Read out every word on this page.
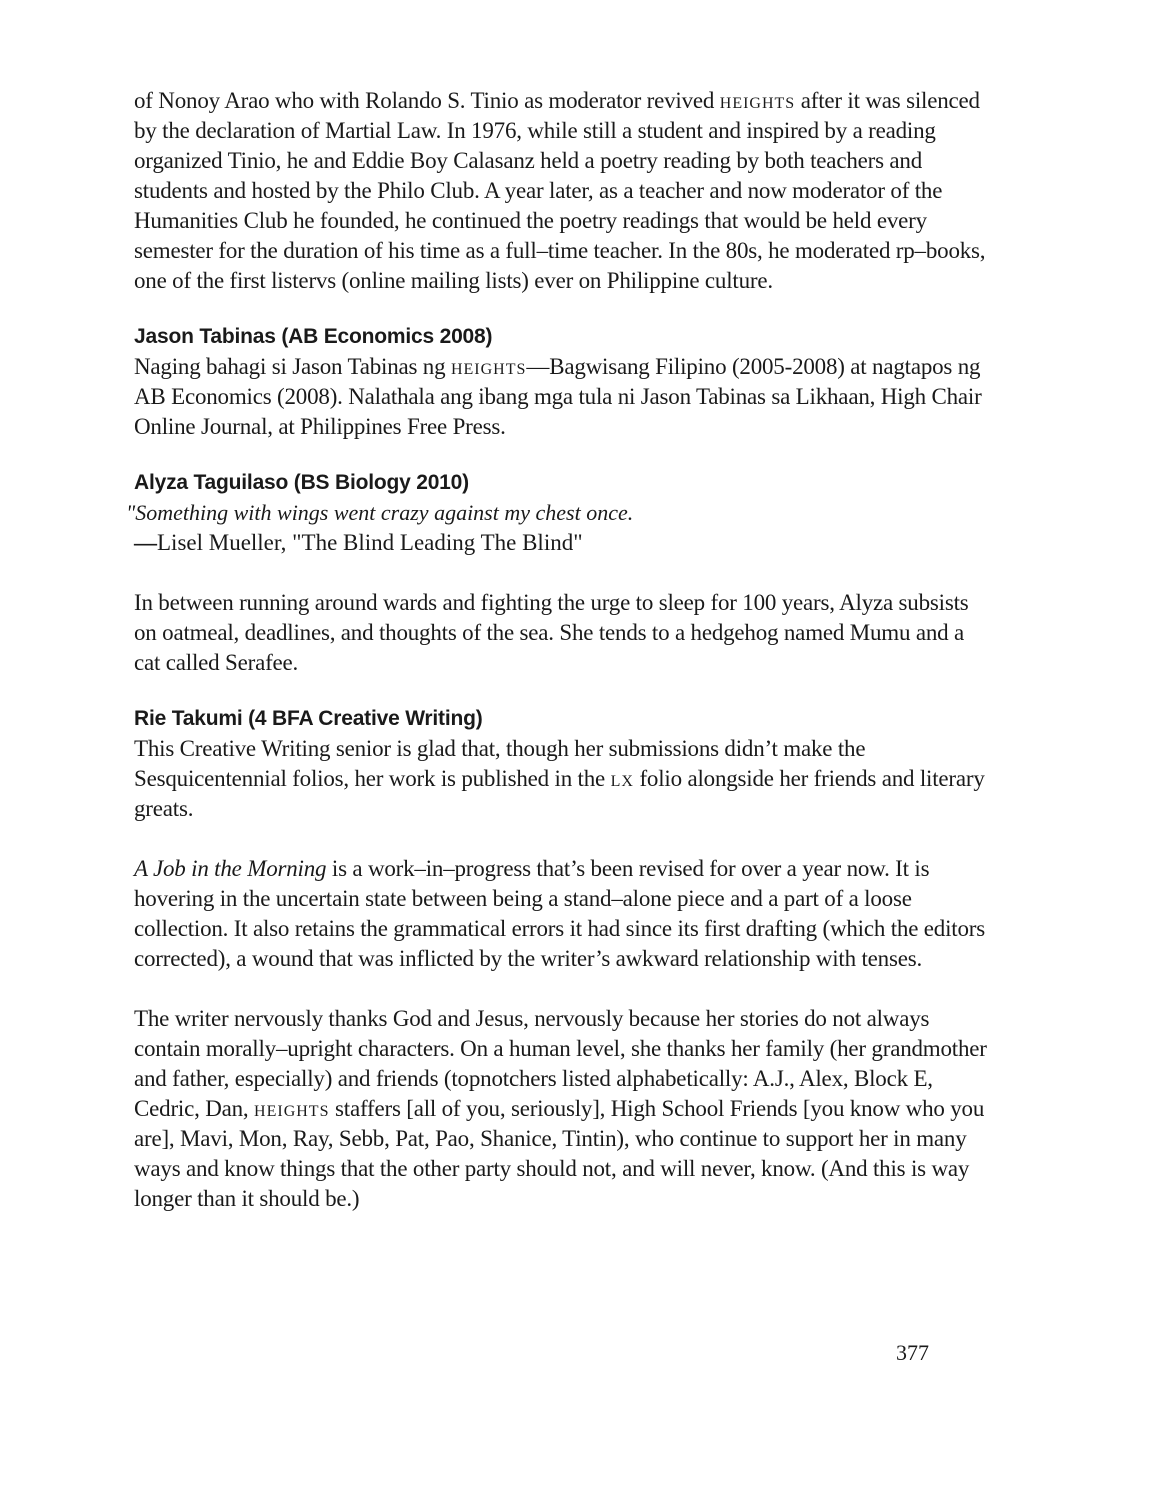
of Nonoy Arao who with Rolando S. Tinio as moderator revived heights after it was silenced by the declaration of Martial Law. In 1976, while still a student and inspired by a reading organized Tinio, he and Eddie Boy Calasanz held a poetry reading by both teachers and students and hosted by the Philo Club. A year later, as a teacher and now moderator of the Humanities Club he founded, he continued the poetry readings that would be held every semester for the duration of his time as a full–time teacher. In the 80s, he moderated rp–books, one of the first listervs (online mailing lists) ever on Philippine culture.

Jason Tabinas (AB Economics 2008)

Naging bahagi si Jason Tabinas ng heights—Bagwisang Filipino (2005-2008) at nagtapos ng AB Economics (2008). Nalathala ang ibang mga tula ni Jason Tabinas sa Likhaan, High Chair Online Journal, at Philippines Free Press.

Alyza Taguilaso (BS Biology 2010)

"Something with wings went crazy against my chest once.

—Lisel Mueller, "The Blind Leading The Blind"

In between running around wards and fighting the urge to sleep for 100 years, Alyza subsists on oatmeal, deadlines, and thoughts of the sea. She tends to a hedgehog named Mumu and a cat called Serafee.

Rie Takumi (4 BFA Creative Writing)

This Creative Writing senior is glad that, though her submissions didn’t make the Sesquicentennial folios, her work is published in the lx folio alongside her friends and literary greats.

A Job in the Morning is a work–in–progress that’s been revised for over a year now. It is hovering in the uncertain state between being a stand–alone piece and a part of a loose collection. It also retains the grammatical errors it had since its first drafting (which the editors corrected), a wound that was inflicted by the writer’s awkward relationship with tenses.

The writer nervously thanks God and Jesus, nervously because her stories do not always contain morally–upright characters. On a human level, she thanks her family (her grandmother and father, especially) and friends (topnotchers listed alphabetically: A.J., Alex, Block E, Cedric, Dan, heights staffers [all of you, seriously], High School Friends [you know who you are], Mavi, Mon, Ray, Sebb, Pat, Pao, Shanice, Tintin), who continue to support her in many ways and know things that the other party should not, and will never, know. (And this is way longer than it should be.)

377
